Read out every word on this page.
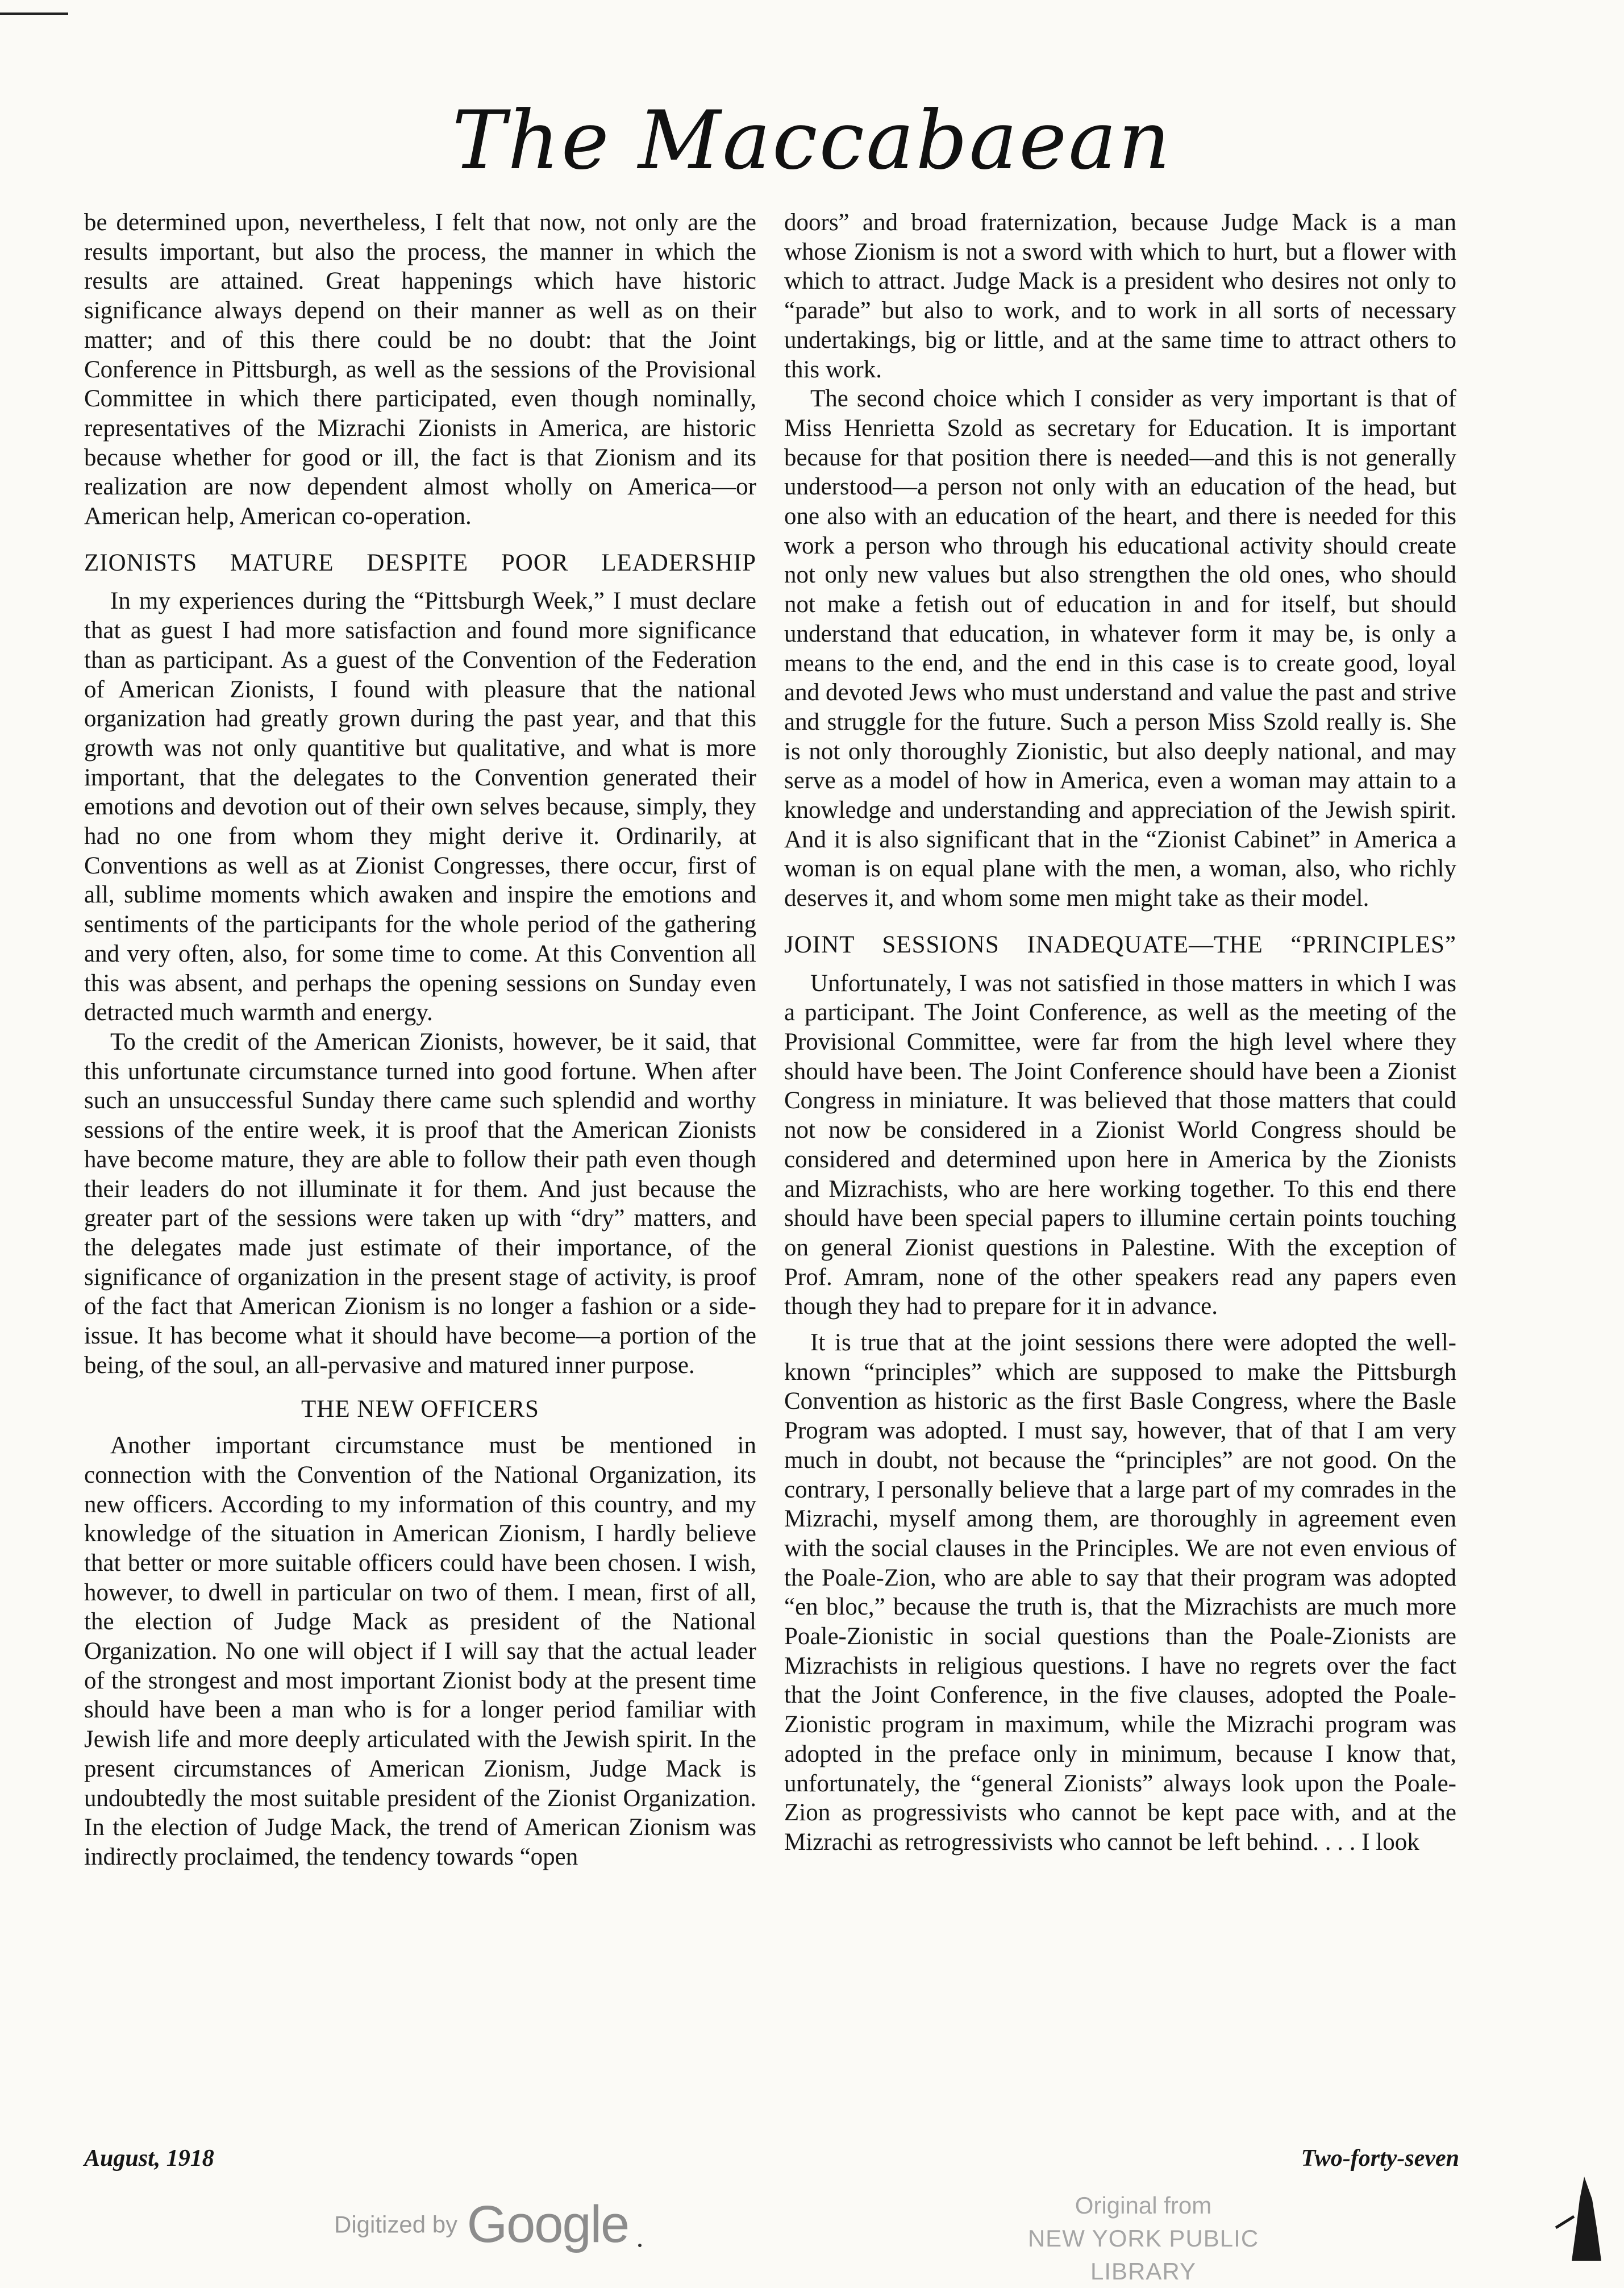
The Maccabaean

be determined upon, nevertheless, I felt that now, not only are the results important, but also the process, the manner in which the results are attained. Great happenings which have historic significance always depend on their manner as well as on their matter; and of this there could be no doubt: that the Joint Conference in Pittsburgh, as well as the sessions of the Provisional Committee in which there participated, even though nominally, representatives of the Mizrachi Zionists in America, are historic because whether for good or ill, the fact is that Zionism and its realization are now dependent almost wholly on America—or American help, American co-operation.

ZIONISTS MATURE DESPITE POOR LEADERSHIP

In my experiences during the “Pittsburgh Week,” I must declare that as guest I had more satisfaction and found more significance than as participant. As a guest of the Convention of the Federation of American Zionists, I found with pleasure that the national organization had greatly grown during the past year, and that this growth was not only quantitive but qualitative, and what is more important, that the delegates to the Convention generated their emotions and devotion out of their own selves because, simply, they had no one from whom they might derive it. Ordinarily, at Conventions as well as at Zionist Congresses, there occur, first of all, sublime moments which awaken and inspire the emotions and sentiments of the participants for the whole period of the gathering and very often, also, for some time to come. At this Convention all this was absent, and perhaps the opening sessions on Sunday even detracted much warmth and energy.

To the credit of the American Zionists, however, be it said, that this unfortunate circumstance turned into good fortune. When after such an unsuccessful Sunday there came such splendid and worthy sessions of the entire week, it is proof that the American Zionists have become mature, they are able to follow their path even though their leaders do not illuminate it for them. And just because the greater part of the sessions were taken up with “dry” matters, and the delegates made just estimate of their importance, of the significance of organization in the present stage of activity, is proof of the fact that American Zionism is no longer a fashion or a side-issue. It has become what it should have become—a portion of the being, of the soul, an all-pervasive and matured inner purpose.

THE NEW OFFICERS

Another important circumstance must be mentioned in connection with the Convention of the National Organization, its new officers. According to my information of this country, and my knowledge of the situation in American Zionism, I hardly believe that better or more suitable officers could have been chosen. I wish, however, to dwell in particular on two of them. I mean, first of all, the election of Judge Mack as president of the National Organization. No one will object if I will say that the actual leader of the strongest and most important Zionist body at the present time should have been a man who is for a longer period familiar with Jewish life and more deeply articulated with the Jewish spirit. In the present circumstances of American Zionism, Judge Mack is undoubtedly the most suitable president of the Zionist Organization. In the election of Judge Mack, the trend of American Zionism was indirectly proclaimed, the tendency towards “open

doors” and broad fraternization, because Judge Mack is a man whose Zionism is not a sword with which to hurt, but a flower with which to attract. Judge Mack is a president who desires not only to “parade” but also to work, and to work in all sorts of necessary undertakings, big or little, and at the same time to attract others to this work.

The second choice which I consider as very important is that of Miss Henrietta Szold as secretary for Education. It is important because for that position there is needed—and this is not generally understood—a person not only with an education of the head, but one also with an education of the heart, and there is needed for this work a person who through his educational activity should create not only new values but also strengthen the old ones, who should not make a fetish out of education in and for itself, but should understand that education, in whatever form it may be, is only a means to the end, and the end in this case is to create good, loyal and devoted Jews who must understand and value the past and strive and struggle for the future. Such a person Miss Szold really is. She is not only thoroughly Zionistic, but also deeply national, and may serve as a model of how in America, even a woman may attain to a knowledge and understanding and appreciation of the Jewish spirit. And it is also significant that in the “Zionist Cabinet” in America a woman is on equal plane with the men, a woman, also, who richly deserves it, and whom some men might take as their model.

JOINT SESSIONS INADEQUATE—THE “PRINCIPLES”

Unfortunately, I was not satisfied in those matters in which I was a participant. The Joint Conference, as well as the meeting of the Provisional Committee, were far from the high level where they should have been. The Joint Conference should have been a Zionist Congress in miniature. It was believed that those matters that could not now be considered in a Zionist World Congress should be considered and determined upon here in America by the Zionists and Mizrachists, who are here working together. To this end there should have been special papers to illumine certain points touching on general Zionist questions in Palestine. With the exception of Prof. Amram, none of the other speakers read any papers even though they had to prepare for it in advance.

It is true that at the joint sessions there were adopted the well-known “principles” which are supposed to make the Pittsburgh Convention as historic as the first Basle Congress, where the Basle Program was adopted. I must say, however, that of that I am very much in doubt, not because the “principles” are not good. On the contrary, I personally believe that a large part of my comrades in the Mizrachi, myself among them, are thoroughly in agreement even with the social clauses in the Principles. We are not even envious of the Poale-Zion, who are able to say that their program was adopted “en bloc,” because the truth is, that the Mizrachists are much more Poale-Zionistic in social questions than the Poale-Zionists are Mizrachists in religious questions. I have no regrets over the fact that the Joint Conference, in the five clauses, adopted the Poale-Zionistic program in maximum, while the Mizrachi program was adopted in the preface only in minimum, because I know that, unfortunately, the “general Zionists” always look upon the Poale-Zion as progressivists who cannot be kept pace with, and at the Mizrachi as retrogressivists who cannot be left behind. . . . I look

August, 1918	Two-forty-seven
Digitized by Google	Original from
NEW YORK PUBLIC LIBRARY
